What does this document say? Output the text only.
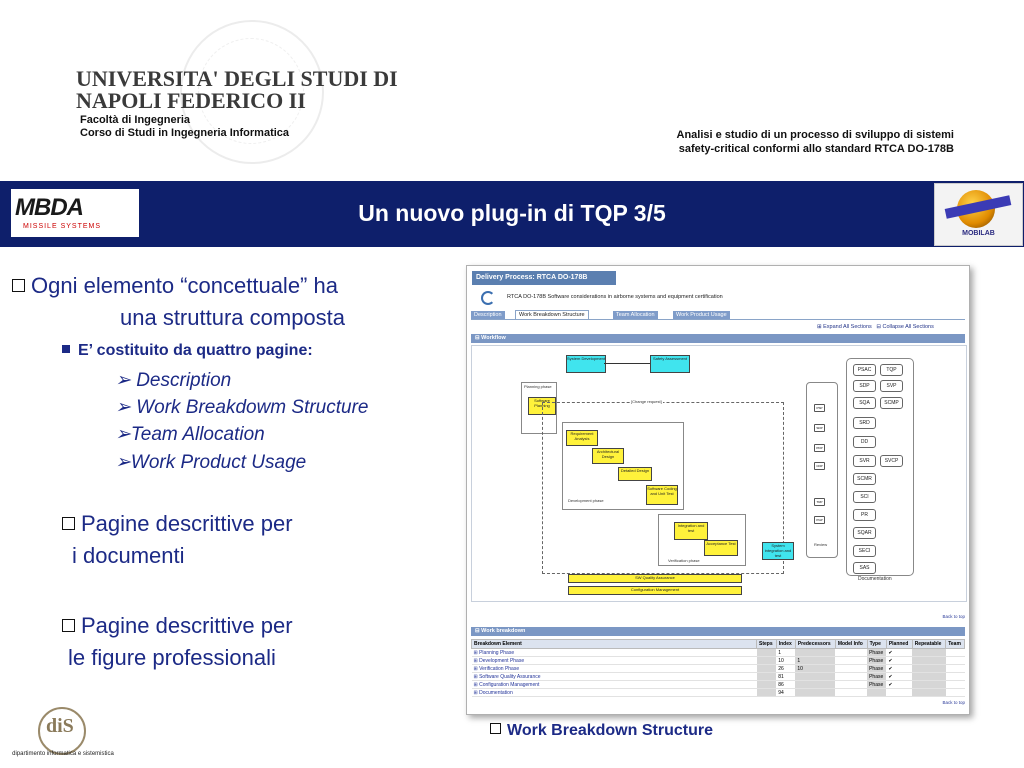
UNIVERSITA' DEGLI STUDI DI
NAPOLI FEDERICO II
Facoltà di Ingegneria
Corso di Studi in Ingegneria Informatica	Analisi e studio di un processo di sviluppo di sistemi
safety-critical conformi allo standard RTCA DO-178B
MBDA
MISSILE SYSTEMS
Un nuovo plug-in di TQP 3/5
MOBILAB
Ogni elemento “concettuale” ha
una struttura composta
E’ costituito da quattro pagine:
➢ Description
➢ Work Breakdowm Structure
➢Team Allocation
➢Work Product Usage
Pagine descrittive per
i documenti
Pagine descrittive per
le figure professionali
Delivery Process: RTCA DO-178B
RTCA DO-178B Software considerations in airborne systems and equipment certification
Description	Work Breakdown Structure	Team Allocation	Work Product Usage
⊞ Expand All Sections ⊟ Collapse All Sections
⊟ Workflow
System Development	Safety Assessment
Planning phase
Software Planning
[Change request]
Development phase
Requirement Analysis
Architectural Design
Detailed Design
Software Coding and Unit Test
Verification phase
Integration and test
Acceptance Test	System integration and test
SW Quality Assurance
Configuration Management
PSP
SDP
PDP
CDP
TRP
PGP
Review
PSAC	TQP
SDP	SVP
SQA	SCMP
SRD
DD
SVR	SVCP
SCMR
SCI
PR
SQAR
SECI
SAS
Documentation
Back to top
⊟ Work breakdown
Breakdown Element	Steps	Index	Predecessors	Model Info	Type	Planned	Repeatable	Team
⊞ Planning Phase		1			Phase	✔		
⊞ Development Phase		10	1		Phase	✔		
⊞ Verification Phase		26	10		Phase	✔		
⊞ Software Quality Assurance		81			Phase	✔		
⊞ Configuration Management		86			Phase	✔		
⊞ Documentation		94						
Back to top
Work Breakdown Structure
diS
dipartimento informatica e sistemistica
